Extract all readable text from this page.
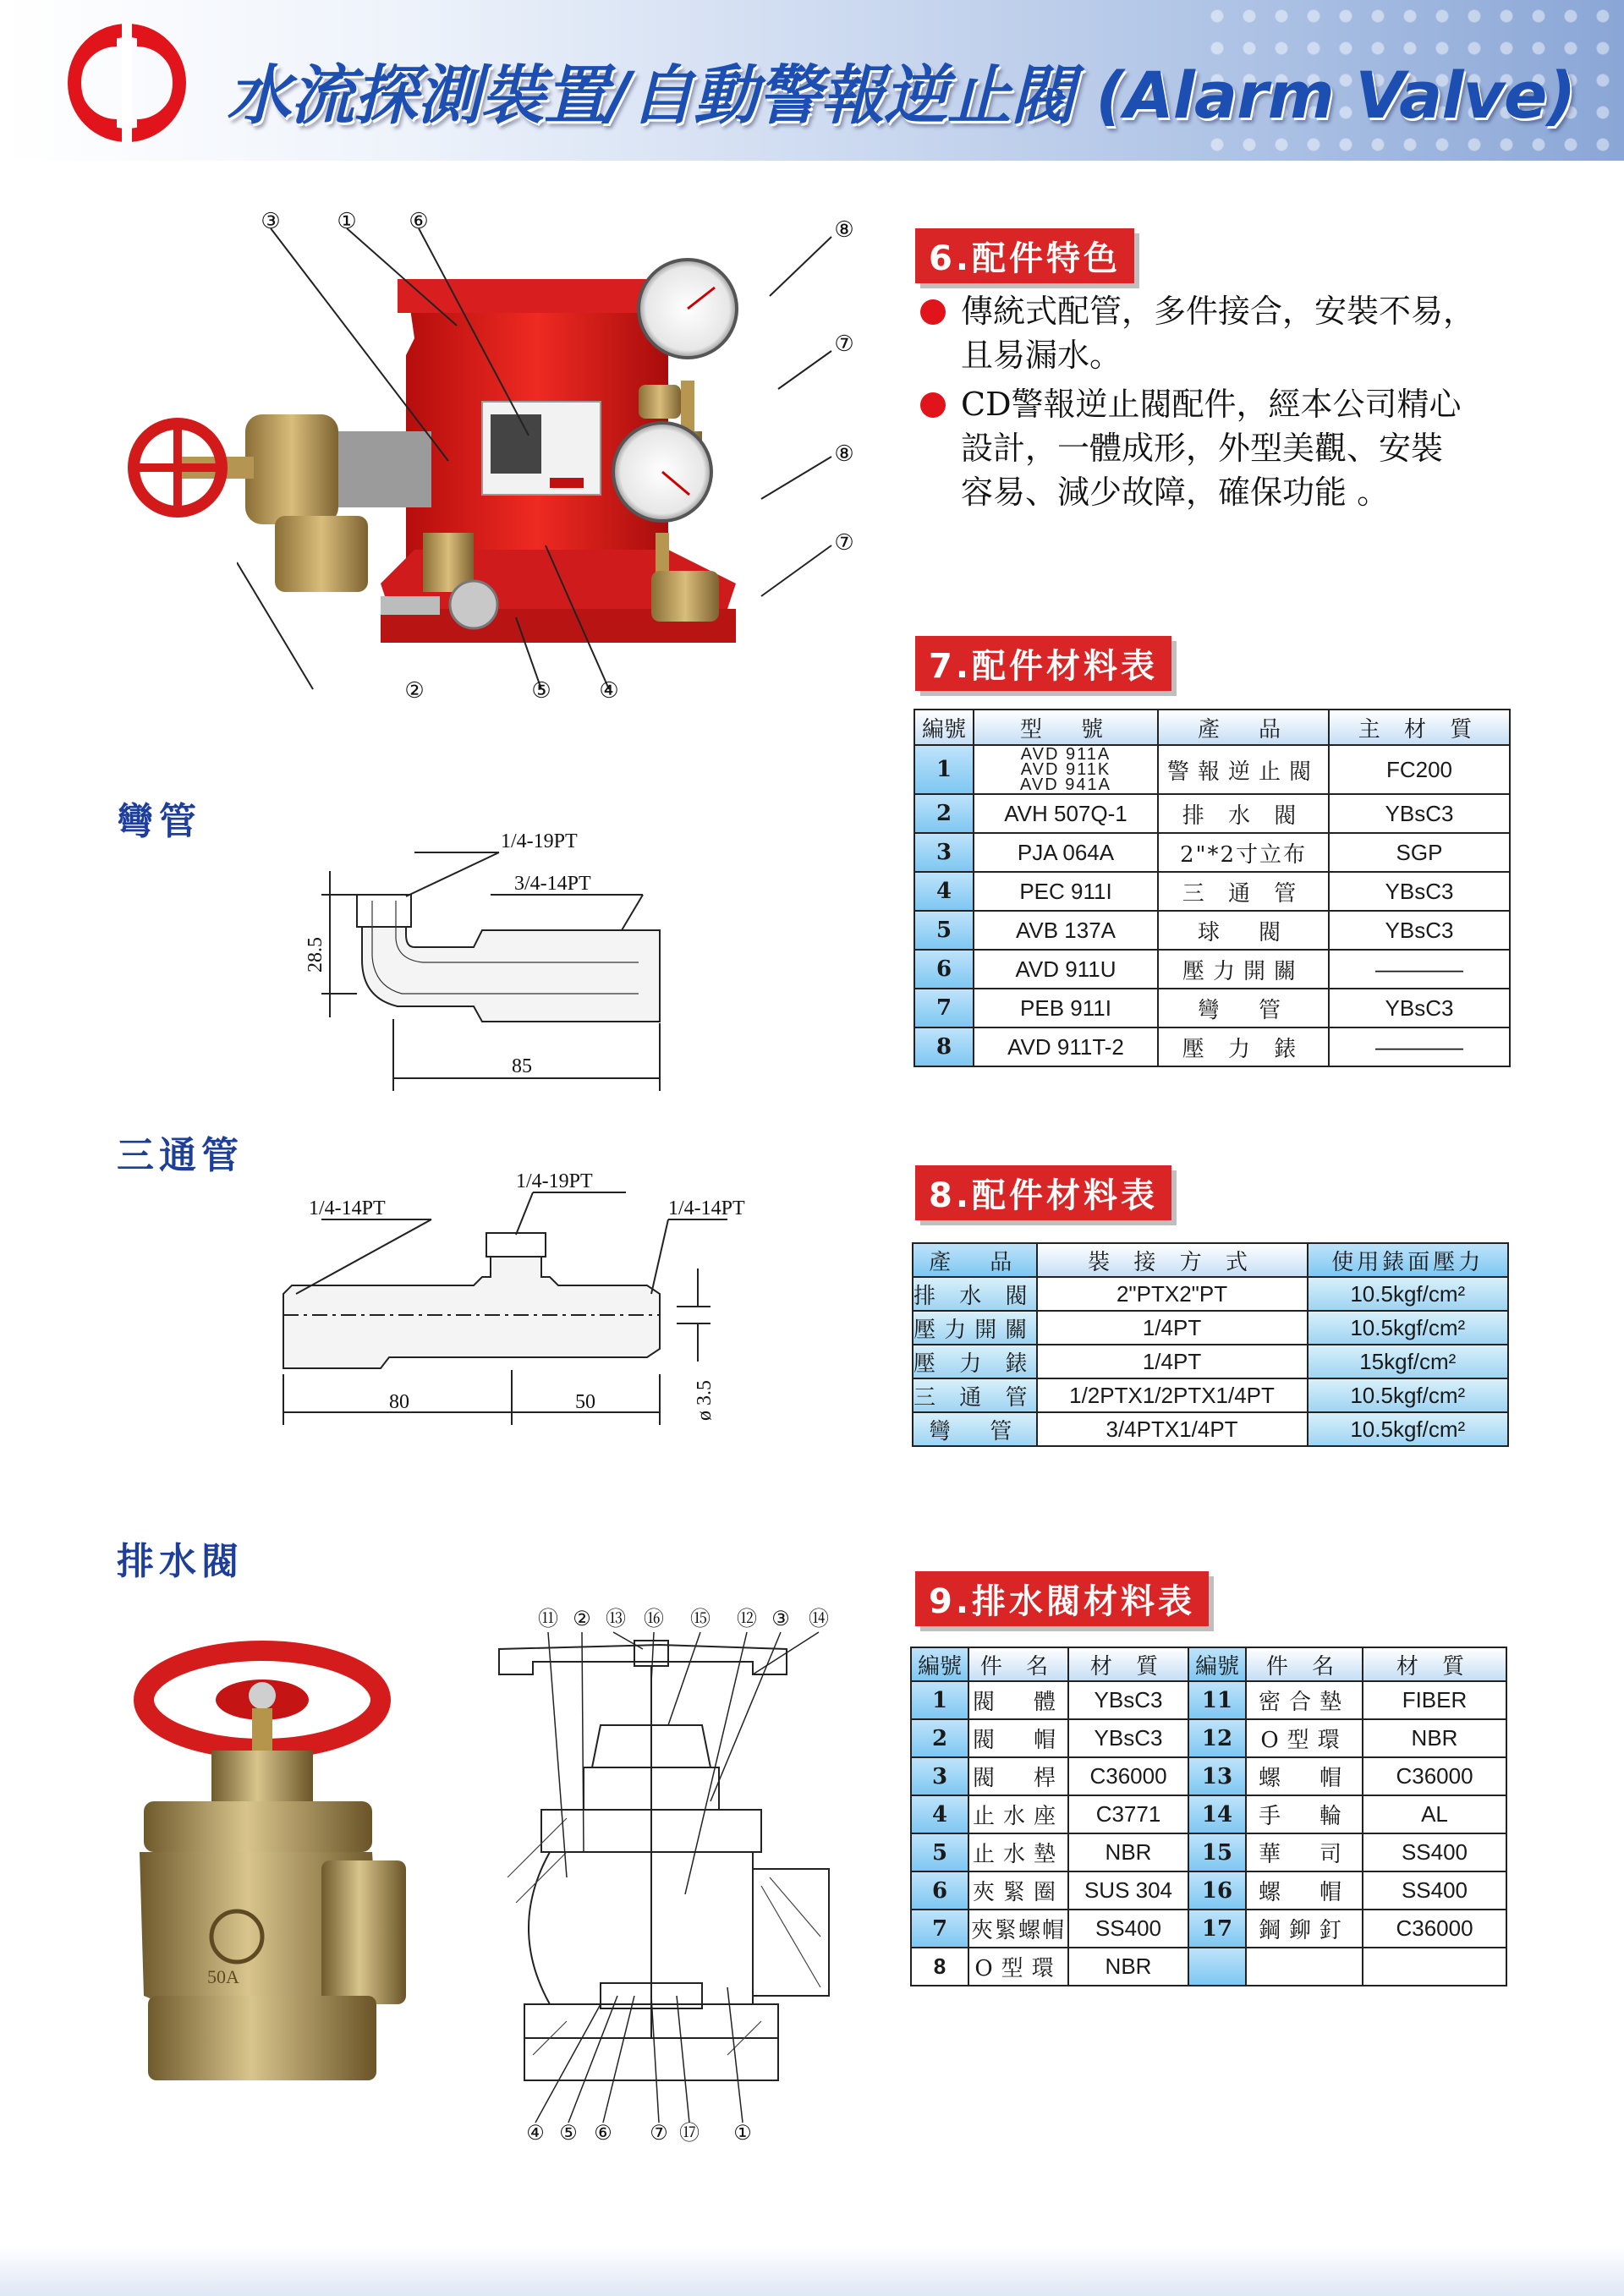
水流探測裝置/自動警報逆止閥 (Alarm Valve)
③	① ⑥	⑧
⑦
⑧
⑦
②	⑤ ④
6.配件特色
傳統式配管，多件接合，安裝不易，
且易漏水。
CD警報逆止閥配件，經本公司精心
設計，一體成形，外型美觀、安裝
容易、減少故障，確保功能 。
7.配件材料表
編號	型　號	產　品	主 材 質
1	AVD 911A
AVD 911K
AVD 941A	警報逆止閥	FC200
2	AVH 507Q-1	排 水 閥	YBsC3
3	PJA 064A	2"*2寸立布	SGP
4	PEC 911I	三 通 管	YBsC3
5	AVB 137A	球　閥	YBsC3
6	AVD 911U	壓力開關	————
7	PEB 911I	彎　管	YBsC3
8	AVD 911T-2	壓 力 錶	————
彎管	1/4-19PT
3/4-14PT
28.5
85
三通管
1/4-19PT
1/4-14PT	1/4-14PT
80	50	ø 3.5
8.配件材料表
產　品	裝 接 方 式	使用錶面壓力
排 水 閥	2"PTX2"PT	10.5kgf/cm²
壓力開關	1/4PT	10.5kgf/cm²
壓 力 錶	1/4PT	15kgf/cm²
三 通 管	1/2PTX1/2PTX1/4PT	10.5kgf/cm²
彎　管	3/4PTX1/4PT	10.5kgf/cm²
排水閥
50A
⑪ ② ⑬ ⑯ ⑮ ⑫ ③ ⑭
④ ⑤ ⑥ ⑦ ⑰ ①
9.排水閥材料表
編號	件 名	材 質	編號	件 名	材 質
1	閥　體	YBsC3	11	密合墊	FIBER
2	閥　帽	YBsC3	12	O型環	NBR
3	閥　桿	C36000	13	螺　帽	C36000
4	止水座	C3771	14	手　輪	AL
5	止水墊	NBR	15	華　司	SS400
6	夾緊圈	SUS 304	16	螺　帽	SS400
7	夾緊螺帽	SS400	17	鋼鉚釘	C36000
8	O型環	NBR			
